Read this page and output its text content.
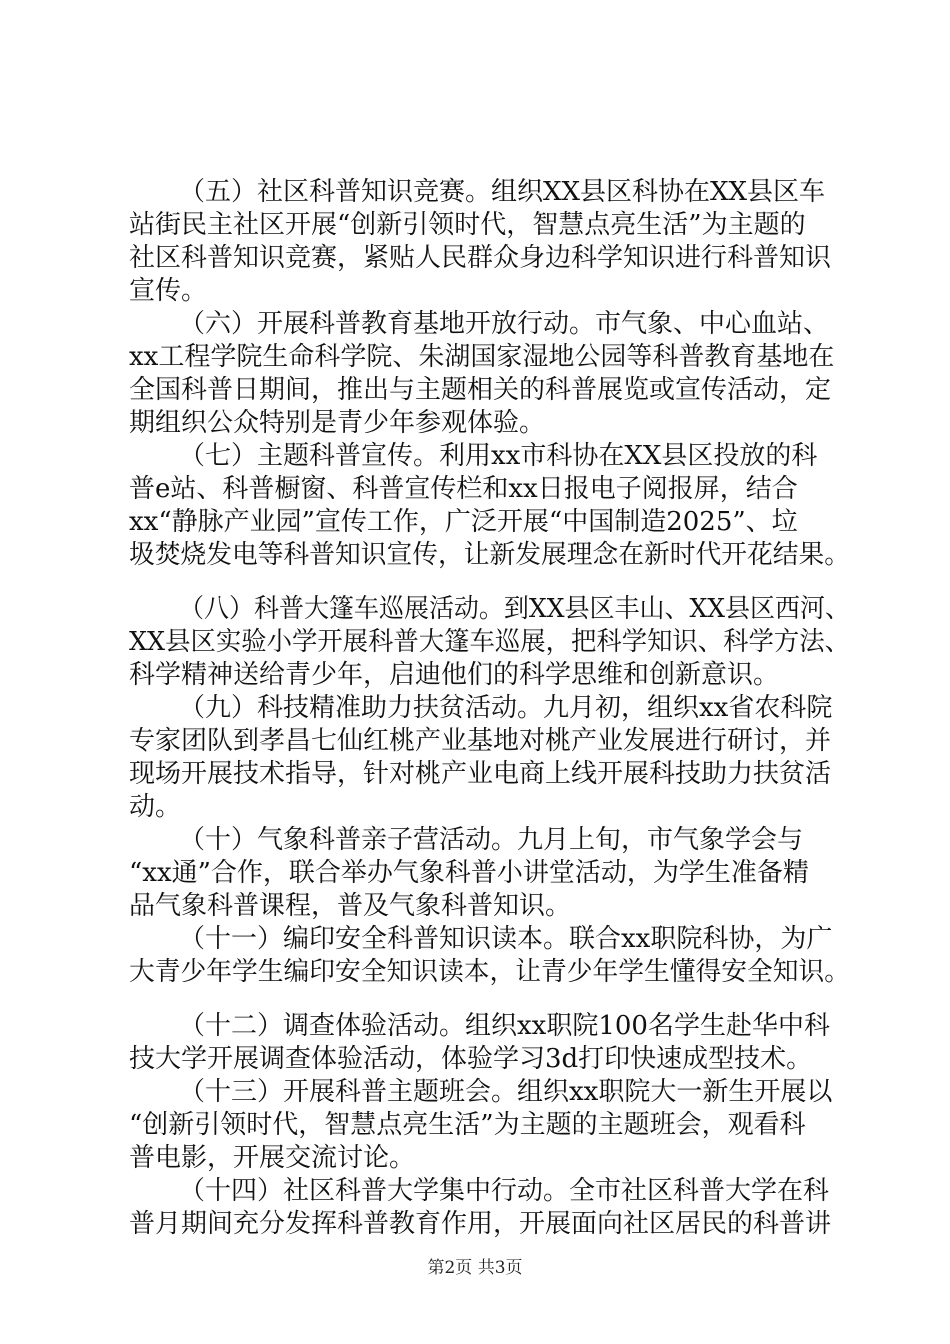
（五）社区科普知识竞赛。组织XX县区科协在XX县区车
站街民主社区开展“创新引领时代，智慧点亮生活”为主题的
社区科普知识竞赛，紧贴人民群众身边科学知识进行科普知识
宣传。
（六）开展科普教育基地开放行动。市气象、中心血站、
xx工程学院生命科学院、朱湖国家湿地公园等科普教育基地在
全国科普日期间，推出与主题相关的科普展览或宣传活动，定
期组织公众特别是青少年参观体验。
（七）主题科普宣传。利用xx市科协在XX县区投放的科
普e站、科普橱窗、科普宣传栏和xx日报电子阅报屏，结合
xx“静脉产业园”宣传工作，广泛开展“中国制造2025”、垃
圾焚烧发电等科普知识宣传，让新发展理念在新时代开花结果。
（八）科普大篷车巡展活动。到XX县区丰山、XX县区西河、
XX县区实验小学开展科普大篷车巡展，把科学知识、科学方法、
科学精神送给青少年，启迪他们的科学思维和创新意识。
（九）科技精准助力扶贫活动。九月初，组织xx省农科院
专家团队到孝昌七仙红桃产业基地对桃产业发展进行研讨，并
现场开展技术指导，针对桃产业电商上线开展科技助力扶贫活
动。
（十）气象科普亲子营活动。九月上旬，市气象学会与
“xx通”合作，联合举办气象科普小讲堂活动，为学生准备精
品气象科普课程，普及气象科普知识。
（十一）编印安全科普知识读本。联合xx职院科协，为广
大青少年学生编印安全知识读本，让青少年学生懂得安全知识。
（十二）调查体验活动。组织xx职院100名学生赴华中科
技大学开展调查体验活动，体验学习3d打印快速成型技术。
（十三）开展科普主题班会。组织xx职院大一新生开展以
“创新引领时代，智慧点亮生活”为主题的主题班会，观看科
普电影，开展交流讨论。
（十四）社区科普大学集中行动。全市社区科普大学在科
普月期间充分发挥科普教育作用，开展面向社区居民的科普讲
第2页 共3页
